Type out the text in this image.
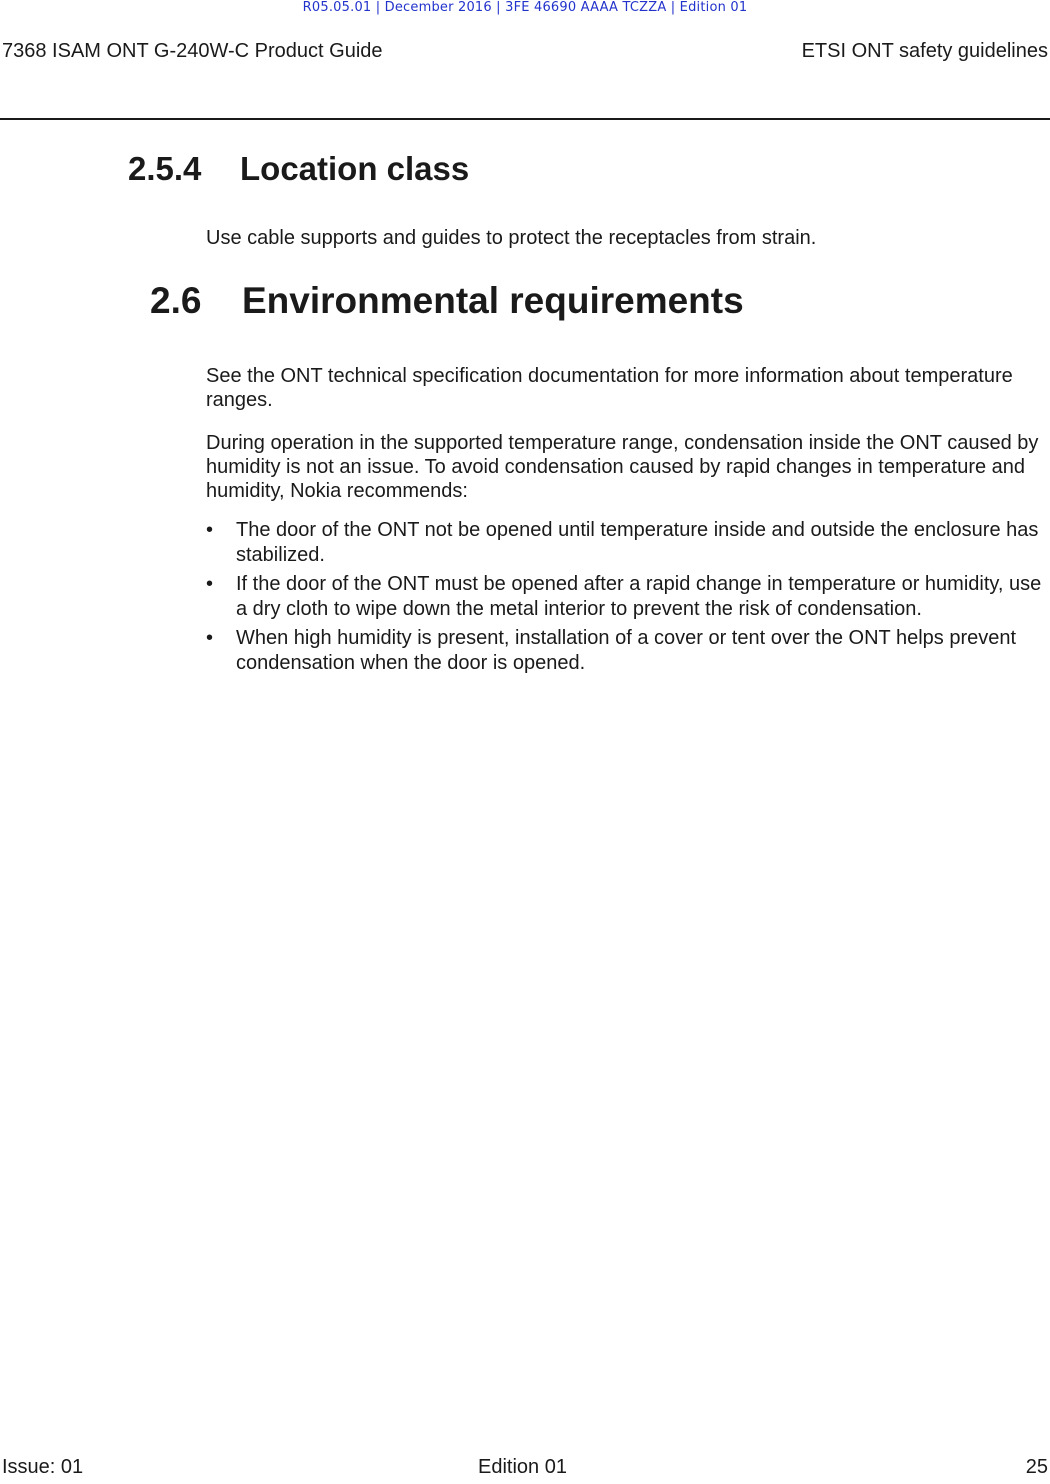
R05.05.01 | December 2016 | 3FE 46690 AAAA TCZZA | Edition 01
7368 ISAM ONT G-240W-C Product Guide	ETSI ONT safety guidelines
2.5.4 Location class
Use cable supports and guides to protect the receptacles from strain.
2.6 Environmental requirements
See the ONT technical specification documentation for more information about temperature ranges.
During operation in the supported temperature range, condensation inside the ONT caused by humidity is not an issue. To avoid condensation caused by rapid changes in temperature and humidity, Nokia recommends:
•	The door of the ONT not be opened until temperature inside and outside the enclosure has stabilized.
•	If the door of the ONT must be opened after a rapid change in temperature or humidity, use a dry cloth to wipe down the metal interior to prevent the risk of condensation.
•	When high humidity is present, installation of a cover or tent over the ONT helps prevent condensation when the door is opened.
Issue: 01	Edition 01	25
